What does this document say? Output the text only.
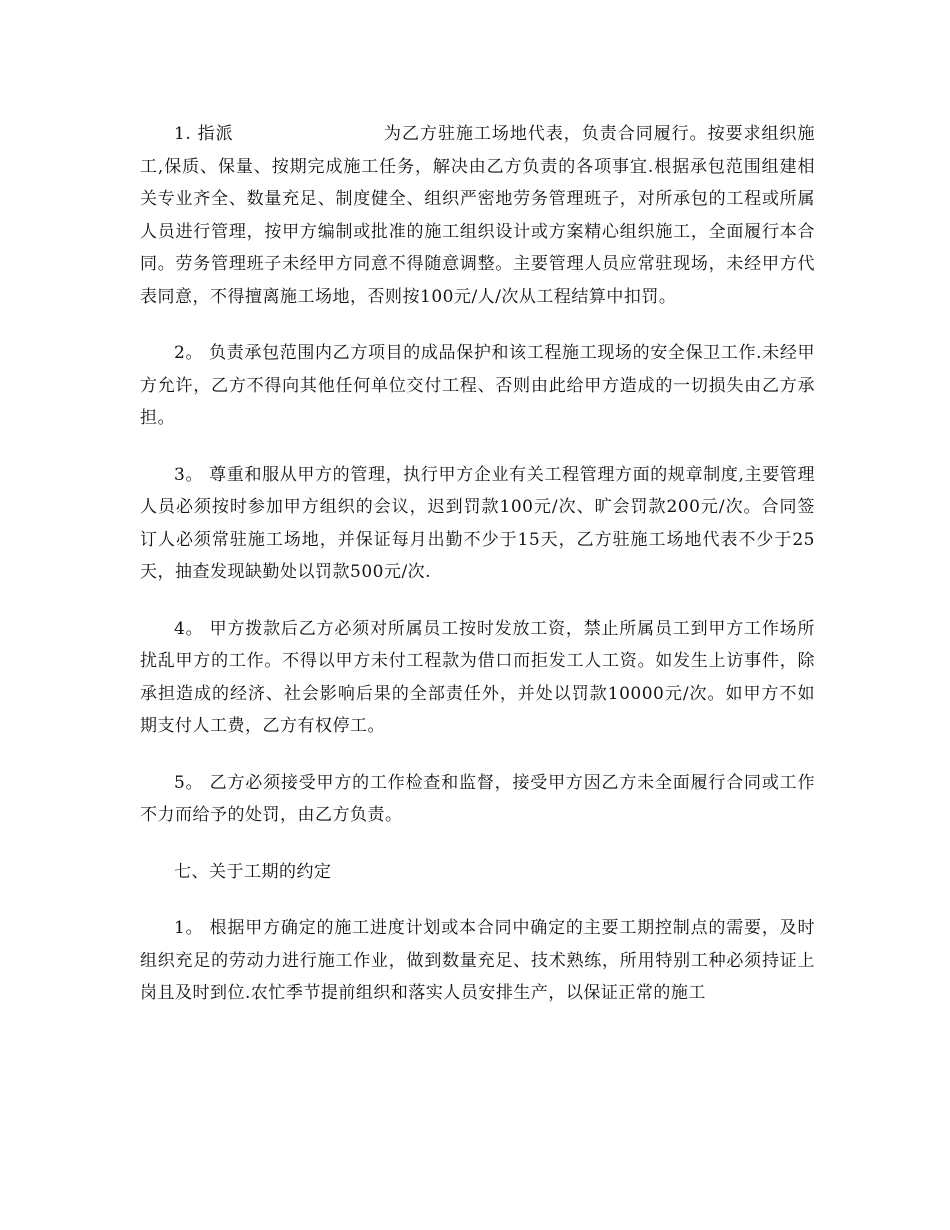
1. 指派	为乙方驻施工场地代表，负责合同履行。按要求组织施工,保质、保量、按期完成施工任务，解决由乙方负责的各项事宜.根据承包范围组建相关专业齐全、数量充足、制度健全、组织严密地劳务管理班子，对所承包的工程或所属人员进行管理，按甲方编制或批准的施工组织设计或方案精心组织施工，全面履行本合同。劳务管理班子未经甲方同意不得随意调整。主要管理人员应常驻现场，未经甲方代表同意，不得擅离施工场地，否则按100元/人/次从工程结算中扣罚。

2。 负责承包范围内乙方项目的成品保护和该工程施工现场的安全保卫工作.未经甲方允许，乙方不得向其他任何单位交付工程、否则由此给甲方造成的一切损失由乙方承担。

3。 尊重和服从甲方的管理，执行甲方企业有关工程管理方面的规章制度,主要管理人员必须按时参加甲方组织的会议，迟到罚款100元/次、旷会罚款200元/次。合同签订人必须常驻施工场地，并保证每月出勤不少于15天，乙方驻施工场地代表不少于25天，抽查发现缺勤处以罚款500元/次.

4。 甲方拨款后乙方必须对所属员工按时发放工资，禁止所属员工到甲方工作场所扰乱甲方的工作。不得以甲方未付工程款为借口而拒发工人工资。如发生上访事件，除承担造成的经济、社会影响后果的全部责任外，并处以罚款10000元/次。如甲方不如期支付人工费，乙方有权停工。

5。 乙方必须接受甲方的工作检查和监督，接受甲方因乙方未全面履行合同或工作不力而给予的处罚，由乙方负责。

七、关于工期的约定

1。 根据甲方确定的施工进度计划或本合同中确定的主要工期控制点的需要，及时组织充足的劳动力进行施工作业，做到数量充足、技术熟练，所用特别工种必须持证上岗且及时到位.农忙季节提前组织和落实人员安排生产，以保证正常的施工
